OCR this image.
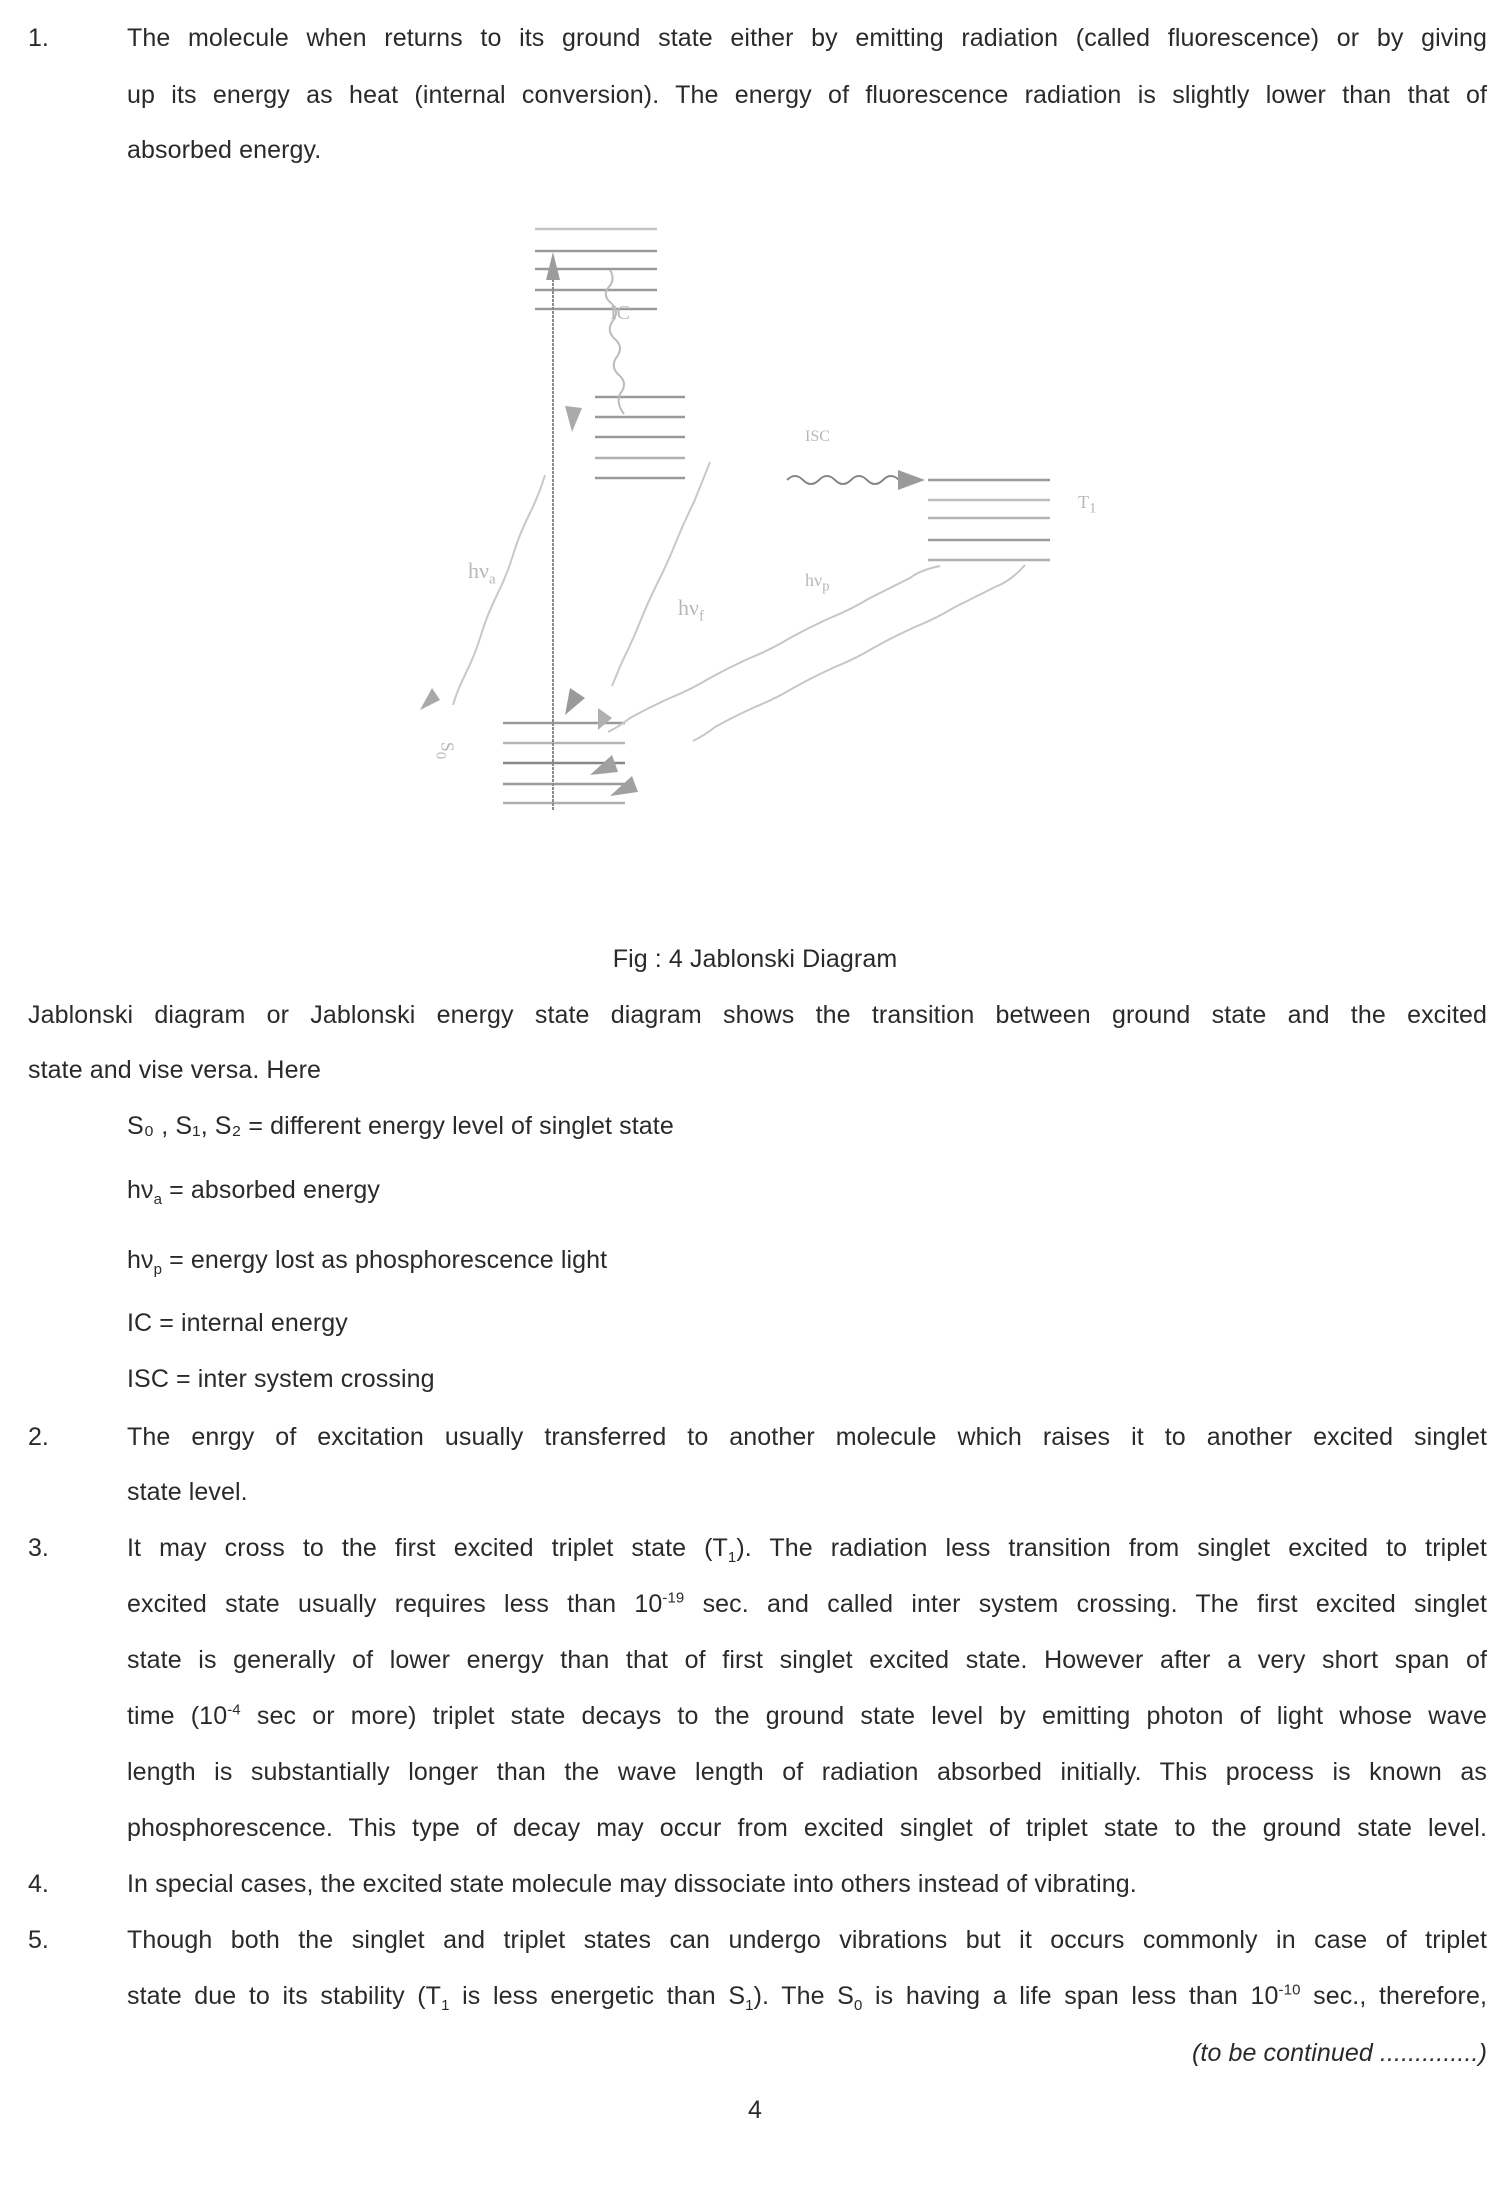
1.	The molecule when returns to its ground state either by emitting radiation (called fluorescence) or by giving
up its energy as heat (internal conversion). The energy of fluorescence radiation is slightly lower than that of
absorbed energy.
IC
ISC
$T_1$
$h\nu_a$
$h\nu_f$
$h\nu_p$
$S_0$
Fig : 4 Jablonski Diagram
Jablonski diagram or Jablonski energy state diagram shows the transition between ground state and the excited
state and vise versa. Here
S₀ , S₁, S₂ = different energy level of singlet state
$h\nu_a$ = absorbed energy
$h\nu_p$ = energy lost as phosphorescence light
IC = internal energy
ISC = inter system crossing
2.	The enrgy of excitation usually transferred to another molecule which raises it to another excited singlet
state level.
3.	It may cross to the first excited triplet state $(T_1)$. The radiation less transition from singlet excited to triplet
excited state usually requires less than $10^{-19}$ sec. and called inter system crossing. The first excited singlet
state is generally of lower energy than that of first singlet excited state. However after a very short span of
time ($10^{-4}$ sec or more) triplet state decays to the ground state level by emitting photon of light whose wave
length is substantially longer than the wave length of radiation absorbed initially. This process is known as
phosphorescence. This type of decay may occur from excited singlet of triplet state to the ground state level.
4.	In special cases, the excited state molecule may dissociate into others instead of vibrating.
5.	Though both the singlet and triplet states can undergo vibrations but it occurs commonly in case of triplet
state due to its stability ($T_1$ is less energetic than $S_1$). The $S_0$ is having a life span less than $10^{-10}$ sec., therefore,
(to be continued ..............)
4
